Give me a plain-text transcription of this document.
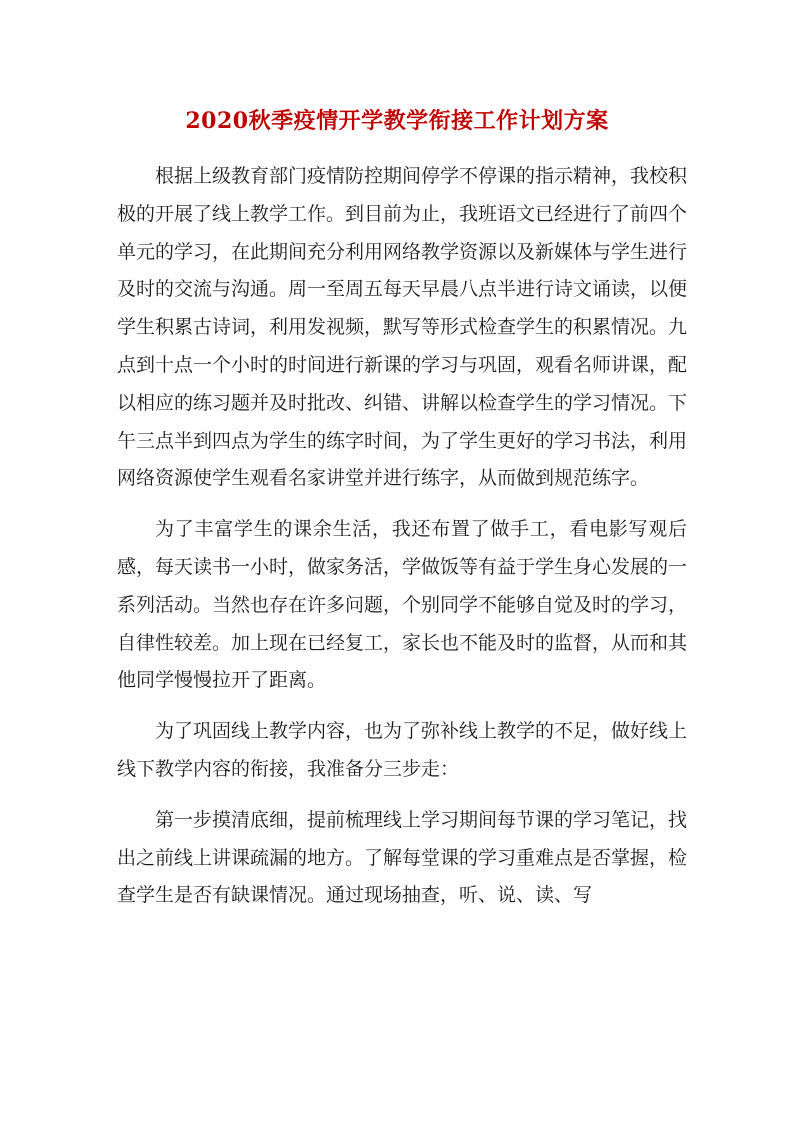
2020秋季疫情开学教学衔接工作计划方案

根据上级教育部门疫情防控期间停学不停课的指示精神，我校积极的开展了线上教学工作。到目前为止，我班语文已经进行了前四个单元的学习，在此期间充分利用网络教学资源以及新媒体与学生进行及时的交流与沟通。周一至周五每天早晨八点半进行诗文诵读，以便学生积累古诗词，利用发视频，默写等形式检查学生的积累情况。九点到十点一个小时的时间进行新课的学习与巩固，观看名师讲课，配以相应的练习题并及时批改、纠错、讲解以检查学生的学习情况。下午三点半到四点为学生的练字时间，为了学生更好的学习书法，利用网络资源使学生观看名家讲堂并进行练字，从而做到规范练字。

为了丰富学生的课余生活，我还布置了做手工，看电影写观后感，每天读书一小时，做家务活，学做饭等有益于学生身心发展的一系列活动。当然也存在许多问题，个别同学不能够自觉及时的学习，自律性较差。加上现在已经复工，家长也不能及时的监督，从而和其他同学慢慢拉开了距离。

为了巩固线上教学内容，也为了弥补线上教学的不足，做好线上线下教学内容的衔接，我准备分三步走：

第一步摸清底细，提前梳理线上学习期间每节课的学习笔记，找出之前线上讲课疏漏的地方。了解每堂课的学习重难点是否掌握，检查学生是否有缺课情况。通过现场抽查，听、说、读、写
